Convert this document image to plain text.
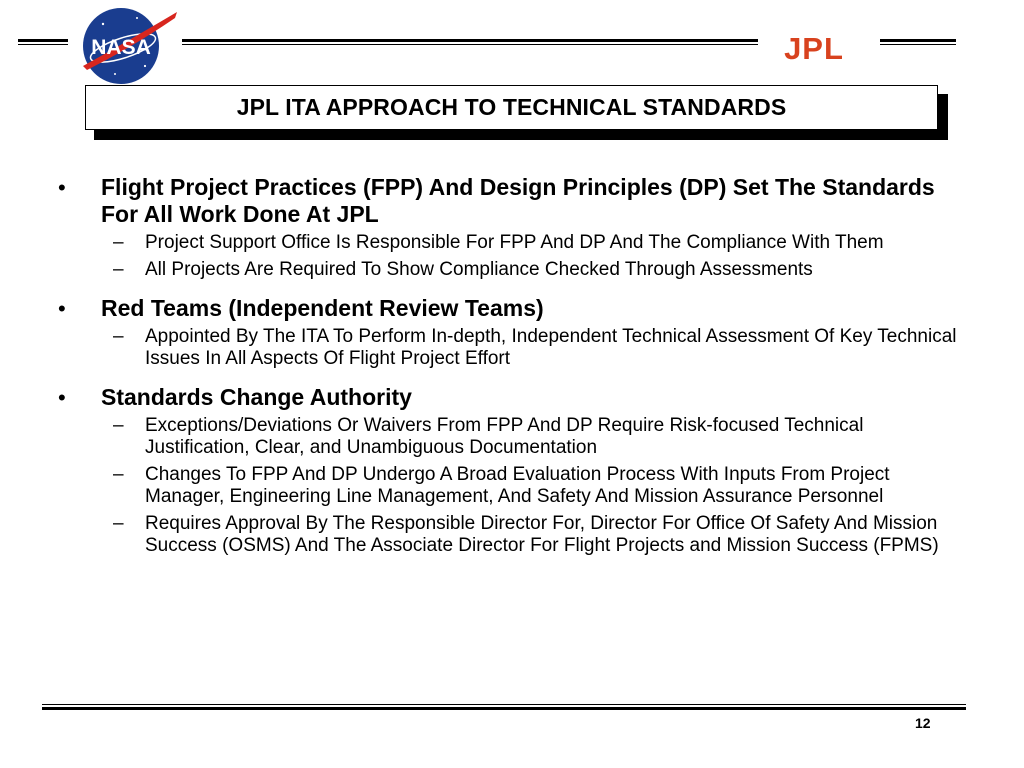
NASA	JPL
JPL ITA APPROACH TO TECHNICAL STANDARDS
• Flight Project Practices (FPP) And Design Principles (DP) Set The Standards For All Work Done At JPL
– Project Support Office Is Responsible For FPP And DP And The Compliance With Them
– All Projects Are Required To Show Compliance Checked Through Assessments
• Red Teams (Independent Review Teams)
– Appointed By The ITA To Perform In-depth, Independent Technical Assessment Of Key Technical Issues In All Aspects Of Flight Project Effort
• Standards Change Authority
– Exceptions/Deviations Or Waivers From FPP And DP Require Risk-focused Technical Justification, Clear, and Unambiguous Documentation
– Changes To FPP And DP Undergo A Broad Evaluation Process With Inputs From Project Manager, Engineering Line Management, And Safety And Mission Assurance Personnel
– Requires Approval By The Responsible Director For, Director For Office Of Safety And Mission Success (OSMS) And The Associate Director For Flight Projects and Mission Success (FPMS)
12
